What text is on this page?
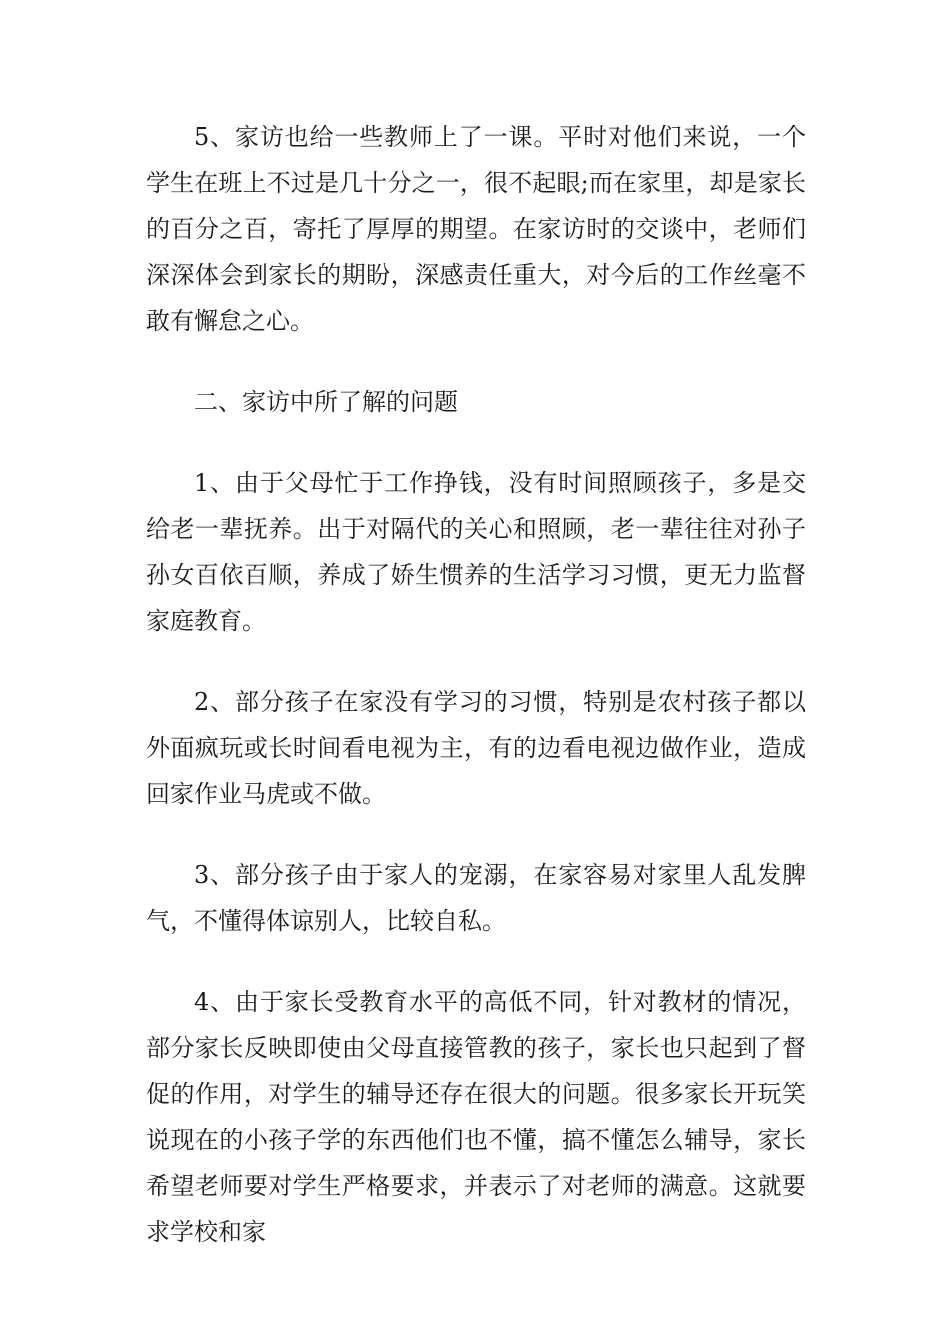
5、家访也给一些教师上了一课。平时对他们来说，一个学生在班上不过是几十分之一，很不起眼;而在家里，却是家长的百分之百，寄托了厚厚的期望。在家访时的交谈中，老师们深深体会到家长的期盼，深感责任重大，对今后的工作丝毫不敢有懈怠之心。

二、家访中所了解的问题

1、由于父母忙于工作挣钱，没有时间照顾孩子，多是交给老一辈抚养。出于对隔代的关心和照顾，老一辈往往对孙子孙女百依百顺，养成了娇生惯养的生活学习习惯，更无力监督家庭教育。

2、部分孩子在家没有学习的习惯，特别是农村孩子都以外面疯玩或长时间看电视为主，有的边看电视边做作业，造成回家作业马虎或不做。

3、部分孩子由于家人的宠溺，在家容易对家里人乱发脾气，不懂得体谅别人，比较自私。

4、由于家长受教育水平的高低不同，针对教材的情况，部分家长反映即使由父母直接管教的孩子，家长也只起到了督促的作用，对学生的辅导还存在很大的问题。很多家长开玩笑说现在的小孩子学的东西他们也不懂，搞不懂怎么辅导，家长希望老师要对学生严格要求，并表示了对老师的满意。这就要求学校和家
